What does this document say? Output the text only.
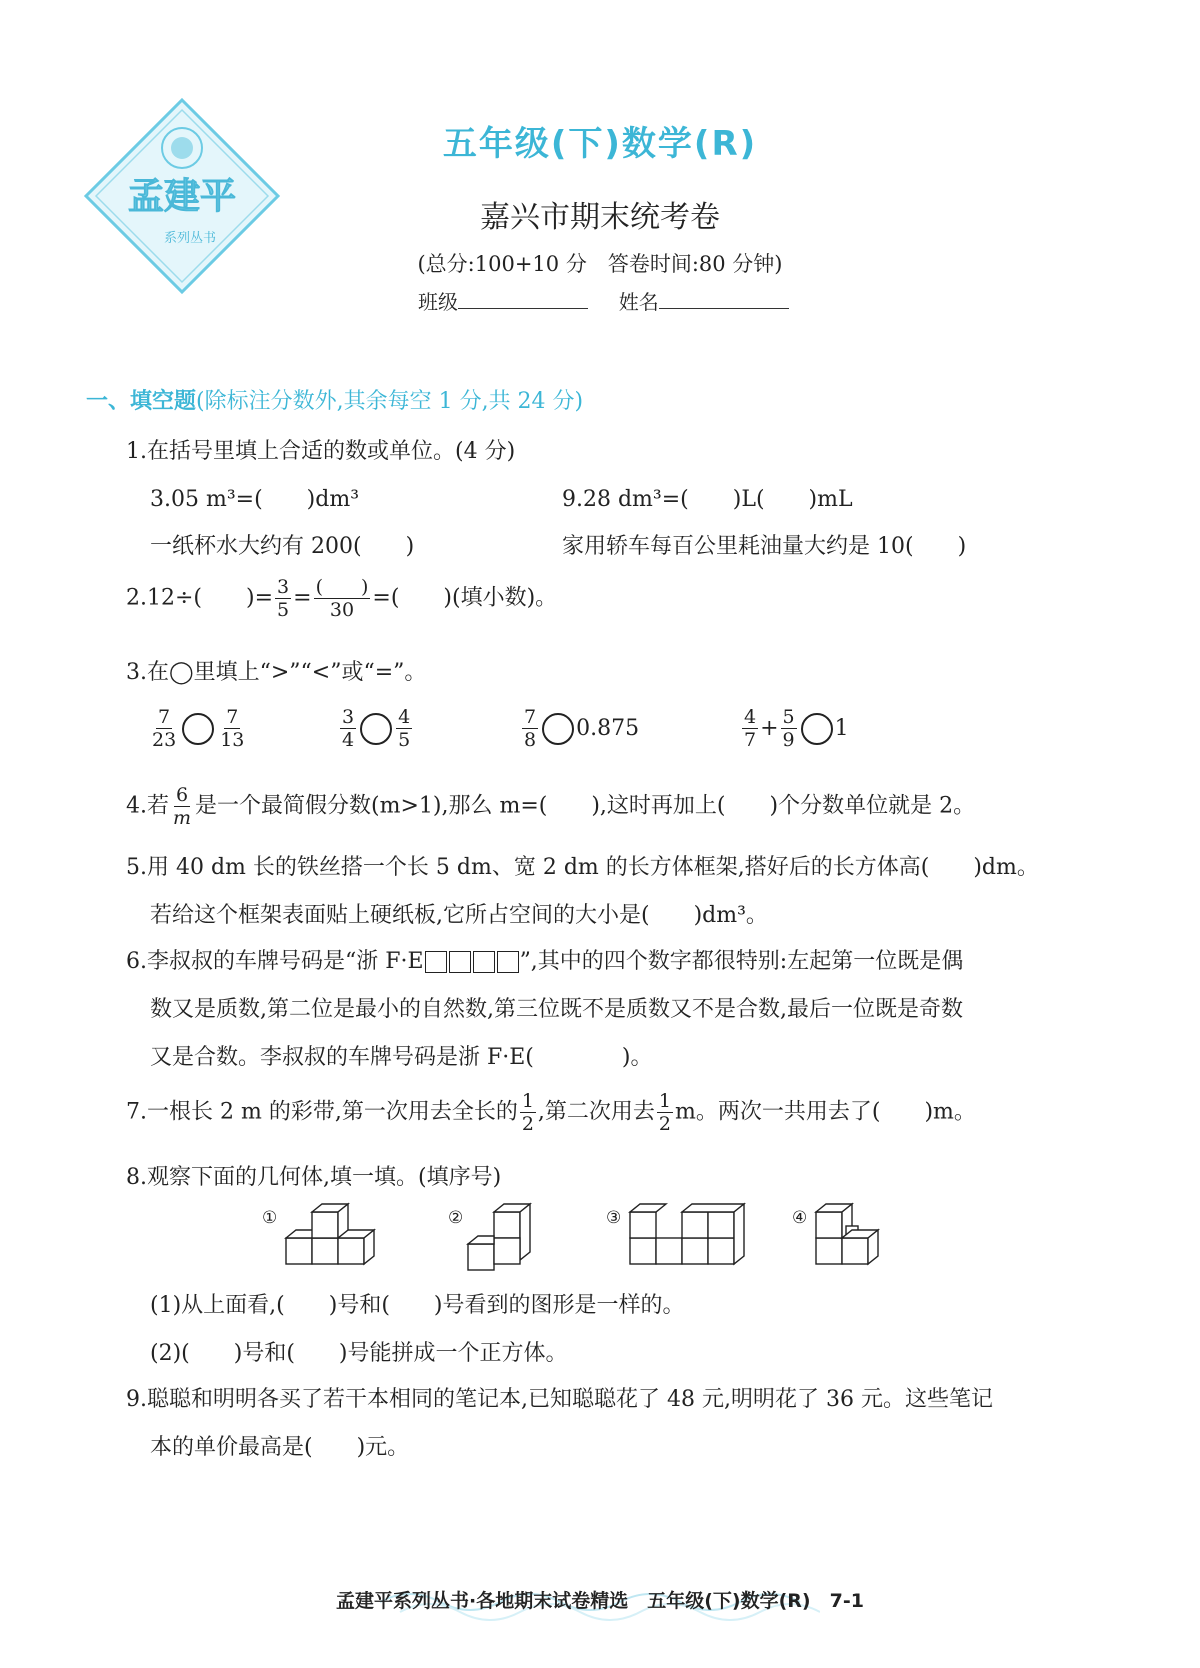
孟建平
系列丛书
五年级(下)数学(R)
嘉兴市期末统考卷
(总分:100+10 分　答卷时间:80 分钟)
班级	姓名
一、填空题(除标注分数外,其余每空 1 分,共 24 分)
1.在括号里填上合适的数或单位。(4 分)
3.05 m³=(　　)dm³	9.28 dm³=(　　)L(　　)mL
一纸杯水大约有 200(　　)	家用轿车每百公里耗油量大约是 10(　　)
2.12÷(　　)= $\frac{3}{5} = \frac{( )}{30}$ =(　　)(填小数)。
3.在◯里填上“>”“<”或“=”。
$\frac{7}{23} \frac{7}{13}$	$\frac{3}{4} \frac{4}{5}$	$\frac{7}{8} 0.875$	$\frac{4}{7} + \frac{5}{9} 1$
4.若 $\frac{6}{m}$ 是一个最简假分数(m>1),那么 m=(　　),这时再加上(　　)个分数单位就是 2。
5.用 40 dm 长的铁丝搭一个长 5 dm、宽 2 dm 的长方体框架,搭好后的长方体高(　　)dm。
若给这个框架表面贴上硬纸板,它所占空间的大小是(　　)dm³。
6.李叔叔的车牌号码是“浙 F·E	”,其中的四个数字都很特别:左起第一位既是偶
数又是质数,第二位是最小的自然数,第三位既不是质数又不是合数,最后一位既是奇数
又是合数。李叔叔的车牌号码是浙 F·E(　　　　)。
7.一根长 2 m 的彩带,第一次用去全长的 $\frac{1}{2}$ ,第二次用去 $\frac{1}{2}$ m。两次一共用去了(　　)m。
8.观察下面的几何体,填一填。(填序号)
①	②	③	④
(1)从上面看,(　　)号和(　　)号看到的图形是一样的。
(2)(　　)号和(　　)号能拼成一个正方体。
9.聪聪和明明各买了若干本相同的笔记本,已知聪聪花了 48 元,明明花了 36 元。这些笔记
本的单价最高是(　　)元。
孟建平系列丛书·各地期末试卷精选　五年级(下)数学(R)　7-1
